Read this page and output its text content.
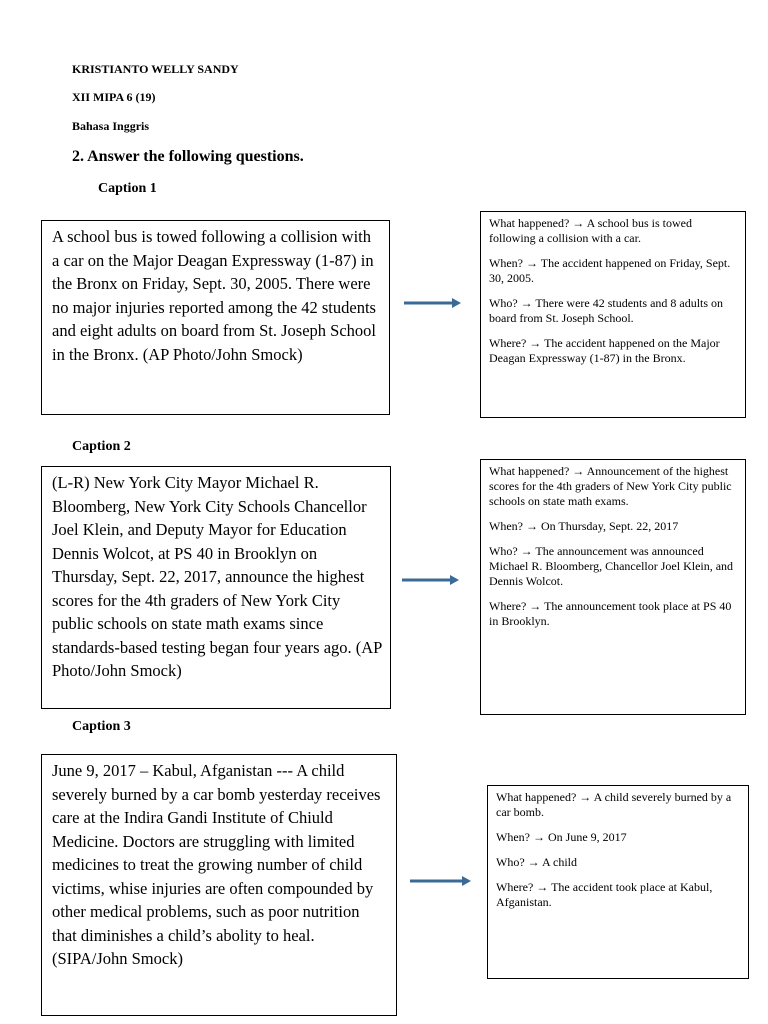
KRISTIANTO WELLY SANDY
XII MIPA 6 (19)
Bahasa Inggris
2. Answer the following questions.
Caption 1

A school bus is towed following a collision with a car on the Major Deagan Expressway (1-87) in the Bronx on Friday, Sept. 30, 2005. There were no major injuries reported among the 42 students and eight adults on board from St. Joseph School in the Bronx. (AP Photo/John Smock)

What happened? → A school bus is towed following a collision with a car.

When? → The accident happened on Friday, Sept. 30, 2005.

Who? → There were 42 students and 8 adults on board from St. Joseph School.

Where? → The accident happened on the Major Deagan Expressway (1-87) in the Bronx.

Caption 2

(L-R) New York City Mayor Michael R. Bloomberg, New York City Schools Chancellor Joel Klein, and Deputy Mayor for Education Dennis Wolcot, at PS 40 in Brooklyn on Thursday, Sept. 22, 2017, announce the highest scores for the 4th graders of New York City public schools on state math exams since standards-based testing began four years ago. (AP Photo/John Smock)

What happened? → Announcement of the highest scores for the 4th graders of New York City public schools on state math exams.

When? → On Thursday, Sept. 22, 2017

Who? → The announcement was announced Michael R. Bloomberg, Chancellor Joel Klein, and Dennis Wolcot.

Where? → The announcement took place at PS 40 in Brooklyn.

Caption 3

June 9, 2017 – Kabul, Afganistan --- A child severely burned by a car bomb yesterday receives care at the Indira Gandi Institute of Chiuld Medicine. Doctors are struggling with limited medicines to treat the growing number of child victims, whise injuries are often compounded by other medical problems, such as poor nutrition that diminishes a child’s abolity to heal. (SIPA/John Smock)

What happened? → A child severely burned by a car bomb.

When? → On June 9, 2017

Who? → A child

Where? → The accident took place at Kabul, Afganistan.
